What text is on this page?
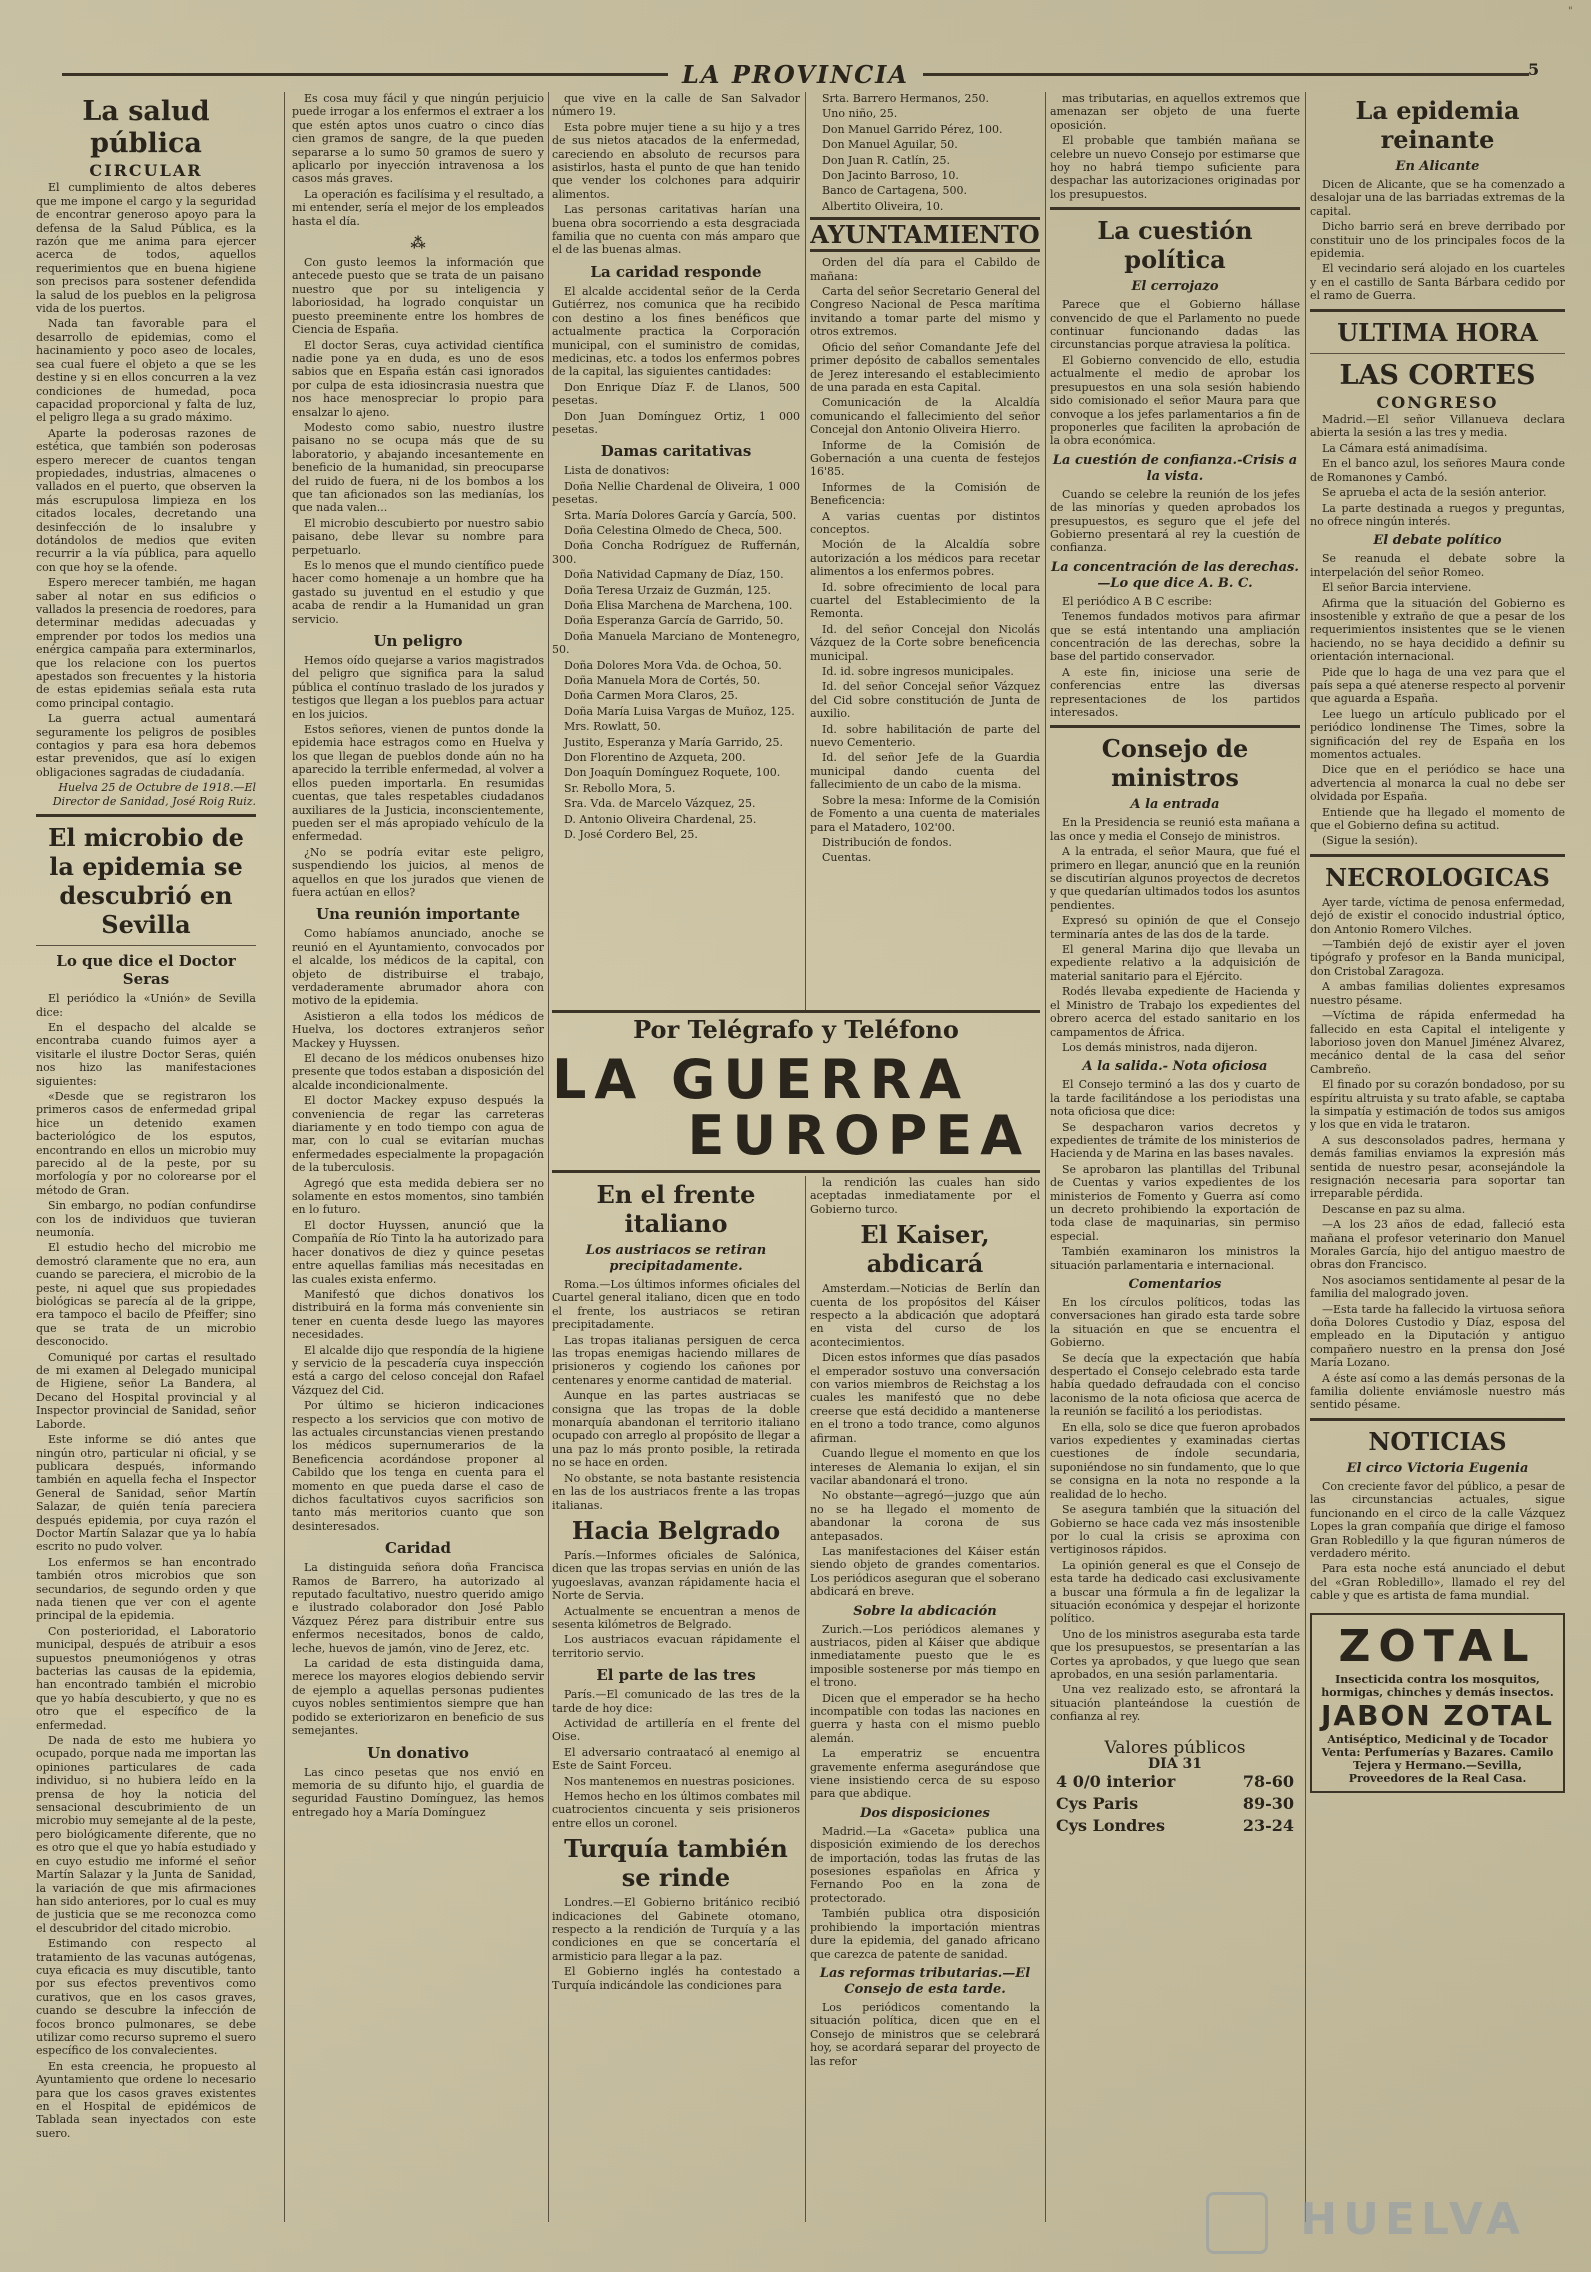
"
LA PROVINCIA	5
La salud pública
CIRCULAR

El cumplimiento de altos deberes que me impone el cargo y la seguridad de encontrar generoso apoyo para la defensa de la Salud Pública, es la razón que me anima para ejercer acerca de todos, aquellos requerimientos que en buena higiene son precisos para sostener defendida la salud de los pueblos en la peligrosa vida de los puertos.

Nada tan favorable para el desarrollo de epidemias, como el hacinamiento y poco aseo de locales, sea cual fuere el objeto a que se les destine y si en ellos concurren a la vez condiciones de humedad, poca capacidad proporcional y falta de luz, el peligro llega a su grado máximo.

Aparte la poderosas razones de estética, que también son poderosas espero merecer de cuantos tengan propiedades, industrias, almacenes o vallados en el puerto, que observen la más escrupulosa limpieza en los citados locales, decretando una desinfección de lo insalubre y dotándolos de medios que eviten recurrir a la vía pública, para aquello con que hoy se la ofende.

Espero merecer también, me hagan saber al notar en sus edificios o vallados la presencia de roedores, para determinar medidas adecuadas y emprender por todos los medios una enérgica campaña para exterminarlos, que los relacione con los puertos apestados son frecuentes y la historia de estas epidemias señala esta ruta como principal contagio.

La guerra actual aumentará seguramente los peligros de posibles contagios y para esa hora debemos estar prevenidos, que así lo exigen obligaciones sagradas de ciudadanía.

Huelva 25 de Octubre de 1918.—El Director de Sanidad, José Roig Ruiz.

El microbio de la epidemia se descubrió en Sevilla
Lo que dice el Doctor Seras

El periódico la «Unión» de Sevilla dice:

En el despacho del alcalde se encontraba cuando fuimos ayer a visitarle el ilustre Doctor Seras, quién nos hizo las manifestaciones siguientes:

«Desde que se registraron los primeros casos de enfermedad gripal hice un detenido examen bacteriológico de los esputos, encontrando en ellos un microbio muy parecido al de la peste, por su morfología y por no colorearse por el método de Gran.

Sin embargo, no podían confundirse con los de individuos que tuvieran neumonía.

El estudio hecho del microbio me demostró claramente que no era, aun cuando se pareciera, el microbio de la peste, ni aquel que sus propiedades biológicas se parecía al de la grippe, era tampoco el bacilo de Pfeiffer; sino que se trata de un microbio desconocido.

Comuniqué por cartas el resultado de mi examen al Delegado municipal de Higiene, señor La Bandera, al Decano del Hospital provincial y al Inspector provincial de Sanidad, señor Laborde.

Este informe se dió antes que ningún otro, particular ni oficial, y se publicara después, informando también en aquella fecha el Inspector General de Sanidad, señor Martín Salazar, de quién tenía pareciera después epidemia, por cuya razón el Doctor Martín Salazar que ya lo había escrito no pudo volver.

Los enfermos se han encontrado también otros microbios que son secundarios, de segundo orden y que nada tienen que ver con el agente principal de la epidemia.

Con posterioridad, el Laboratorio municipal, después de atribuir a esos supuestos pneumoniógenos y otras bacterias las causas de la epidemia, han encontrado también el microbio que yo había descubierto, y que no es otro que el específico de la enfermedad.

De nada de esto me hubiera yo ocupado, porque nada me importan las opiniones particulares de cada individuo, si no hubiera leído en la prensa de hoy la noticia del sensacional descubrimiento de un microbio muy semejante al de la peste, pero biológicamente diferente, que no es otro que el que yo había estudiado y en cuyo estudio me informé el señor Martín Salazar y la Junta de Sanidad, la variación de que mis afirmaciones han sido anteriores, por lo cual es muy de justicia que se me reconozca como el descubridor del citado microbio.

Estimando con respecto al tratamiento de las vacunas autógenas, cuya eficacia es muy discutible, tanto por sus efectos preventivos como curativos, que en los casos graves, cuando se descubre la infección de focos bronco pulmonares, se debe utilizar como recurso supremo el suero específico de los convalecientes.

En esta creencia, he propuesto al Ayuntamiento que ordene lo necesario para que los casos graves existentes en el Hospital de epidémicos de Tablada sean inyectados con este suero.

Es cosa muy fácil y que ningún perjuicio puede irrogar a los enfermos el extraer a los que estén aptos unos cuatro o cinco días cien gramos de sangre, de la que pueden separarse a lo sumo 50 gramos de suero y aplicarlo por inyección intravenosa a los casos más graves.

La operación es facilísima y el resultado, a mi entender, sería el mejor de los empleados hasta el día.

⁂

Con gusto leemos la información que antecede puesto que se trata de un paisano nuestro que por su inteligencia y laboriosidad, ha logrado conquistar un puesto preeminente entre los hombres de Ciencia de España.

El doctor Seras, cuya actividad científica nadie pone ya en duda, es uno de esos sabios que en España están casi ignorados por culpa de esta idiosincrasia nuestra que nos hace menospreciar lo propio para ensalzar lo ajeno.

Modesto como sabio, nuestro ilustre paisano no se ocupa más que de su laboratorio, y abajando incesantemente en beneficio de la humanidad, sin preocuparse del ruido de fuera, ni de los bombos a los que tan aficionados son las medianías, los que nada valen...

El microbio descubierto por nuestro sabio paisano, debe llevar su nombre para perpetuarlo.

Es lo menos que el mundo científico puede hacer como homenaje a un hombre que ha gastado su juventud en el estudio y que acaba de rendir a la Humanidad un gran servicio.

Un peligro

Hemos oído quejarse a varios magistrados del peligro que significa para la salud pública el contínuo traslado de los jurados y testigos que llegan a los pueblos para actuar en los juicios.

Estos señores, vienen de puntos donde la epidemia hace estragos como en Huelva y los que llegan de pueblos donde aún no ha aparecido la terrible enfermedad, al volver a ellos pueden importarla. En resumidas cuentas, que tales respetables ciudadanos auxiliares de la Justicia, inconscientemente, pueden ser el más apropiado vehículo de la enfermedad.

¿No se podría evitar este peligro, suspendiendo los juicios, al menos de aquellos en que los jurados que vienen de fuera actúan en ellos?

Una reunión importante

Como habíamos anunciado, anoche se reunió en el Ayuntamiento, convocados por el alcalde, los médicos de la capital, con objeto de distribuirse el trabajo, verdaderamente abrumador ahora con motivo de la epidemia.

Asistieron a ella todos los médicos de Huelva, los doctores extranjeros señor Mackey y Huyssen.

El decano de los médicos onubenses hizo presente que todos estaban a disposición del alcalde incondicionalmente.

El doctor Mackey expuso después la conveniencia de regar las carreteras diariamente y en todo tiempo con agua de mar, con lo cual se evitarían muchas enfermedades especialmente la propagación de la tuberculosis.

Agregó que esta medida debiera ser no solamente en estos momentos, sino también en lo futuro.

El doctor Huyssen, anunció que la Compañía de Río Tinto la ha autorizado para hacer donativos de diez y quince pesetas entre aquellas familias más necesitadas en las cuales exista enfermo.

Manifestó que dichos donativos los distribuirá en la forma más conveniente sin tener en cuenta desde luego las mayores necesidades.

El alcalde dijo que respondía de la higiene y servicio de la pescadería cuya inspección está a cargo del celoso concejal don Rafael Vázquez del Cid.

Por último se hicieron indicaciones respecto a los servicios que con motivo de las actuales circunstancias vienen prestando los médicos supernumerarios de la Beneficencia acordándose proponer al Cabildo que los tenga en cuenta para el momento en que pueda darse el caso de dichos facultativos cuyos sacrificios son tanto más meritorios cuanto que son desinteresados.

Caridad

La distinguida señora doña Francisca Ramos de Barrero, ha autorizado al reputado facultativo, nuestro querido amigo e ilustrado colaborador don José Pablo Vázquez Pérez para distribuir entre sus enfermos necesitados, bonos de caldo, leche, huevos de jamón, vino de Jerez, etc.

La caridad de esta distinguida dama, merece los mayores elogios debiendo servir de ejemplo a aquellas personas pudientes cuyos nobles sentimientos siempre que han podido se exteriorizaron en beneficio de sus semejantes.

Un donativo

Las cinco pesetas que nos envió en memoria de su difunto hijo, el guardia de seguridad Faustino Domínguez, las hemos entregado hoy a María Domínguez

que vive en la calle de San Salvador número 19.

Esta pobre mujer tiene a su hijo y a tres de sus nietos atacados de la enfermedad, careciendo en absoluto de recursos para asistirlos, hasta el punto de que han tenido que vender los colchones para adquirir alimentos.

Las personas caritativas harían una buena obra socorriendo a esta desgraciada familia que no cuenta con más amparo que el de las buenas almas.

La caridad responde

El alcalde accidental señor de la Cerda Gutiérrez, nos comunica que ha recibido con destino a los fines benéficos que actualmente practica la Corporación municipal, con el suministro de comidas, medicinas, etc. a todos los enfermos pobres de la capital, las siguientes cantidades:

Don Enrique Díaz F. de Llanos, 500 pesetas.

Don Juan Domínguez Ortiz, 1 000 pesetas.

Damas caritativas

Lista de donativos:

Doña Nellie Chardenal de Oliveira, 1 000 pesetas.

Srta. María Dolores García y García, 500.

Doña Celestina Olmedo de Checa, 500.

Doña Concha Rodríguez de Ruffernán, 300.

Doña Natividad Capmany de Díaz, 150.

Doña Teresa Urzaiz de Guzmán, 125.

Doña Elisa Marchena de Marchena, 100.

Doña Esperanza García de Garrido, 50.

Doña Manuela Marciano de Montenegro, 50.

Doña Dolores Mora Vda. de Ochoa, 50.

Doña Manuela Mora de Cortés, 50.

Doña Carmen Mora Claros, 25.

Doña María Luisa Vargas de Muñoz, 125.

Mrs. Rowlatt, 50.

Justito, Esperanza y María Garrido, 25.

Don Florentino de Azqueta, 200.

Don Joaquín Domínguez Roquete, 100.

Sr. Rebollo Mora, 5.

Sra. Vda. de Marcelo Vázquez, 25.

D. Antonio Oliveira Chardenal, 25.

D. José Cordero Bel, 25.

Srta. Barrero Hermanos, 250.

Uno niño, 25.

Don Manuel Garrido Pérez, 100.

Don Manuel Aguilar, 50.

Don Juan R. Catlín, 25.

Don Jacinto Barroso, 10.

Banco de Cartagena, 500.

Albertito Oliveira, 10.

AYUNTAMIENTO

Orden del día para el Cabildo de mañana:

Carta del señor Secretario General del Congreso Nacional de Pesca marítima invitando a tomar parte del mismo y otros extremos.

Oficio del señor Comandante Jefe del primer depósito de caballos sementales de Jerez interesando el establecimiento de una parada en esta Capital.

Comunicación de la Alcaldía comunicando el fallecimiento del señor Concejal don Antonio Oliveira Hierro.

Informe de la Comisión de Gobernación a una cuenta de festejos 16'85.

Informes de la Comisión de Beneficencia:

A varias cuentas por distintos conceptos.

Moción de la Alcaldía sobre autorización a los médicos para recetar alimentos a los enfermos pobres.

Id. sobre ofrecimiento de local para cuartel del Establecimiento de la Remonta.

Id. del señor Concejal don Nicolás Vázquez de la Corte sobre beneficencia municipal.

Id. id. sobre ingresos municipales.

Id. del señor Concejal señor Vázquez del Cid sobre constitución de Junta de auxilio.

Id. sobre habilitación de parte del nuevo Cementerio.

Id. del señor Jefe de la Guardia municipal dando cuenta del fallecimiento de un cabo de la misma.

Sobre la mesa: Informe de la Comisión de Fomento a una cuenta de materiales para el Matadero, 102'00.

Distribución de fondos.

Cuentas.

Por Telégrafo y Teléfono
LA GUERRA
EUROPEA
En el frente italiano
Los austriacos se retiran precipitadamente.

Roma.—Los últimos informes oficiales del Cuartel general italiano, dicen que en todo el frente, los austriacos se retiran precipitadamente.

Las tropas italianas persiguen de cerca las tropas enemigas haciendo millares de prisioneros y cogiendo los cañones por centenares y enorme cantidad de material.

Aunque en las partes austriacas se consigna que las tropas de la doble monarquía abandonan el territorio italiano ocupado con arreglo al propósito de llegar a una paz lo más pronto posible, la retirada no se hace en orden.

No obstante, se nota bastante resistencia en las de los austriacos frente a las tropas italianas.

Hacia Belgrado

París.—Informes oficiales de Salónica, dicen que las tropas servias en unión de las yugoeslavas, avanzan rápidamente hacia el Norte de Servia.

Actualmente se encuentran a menos de sesenta kilómetros de Belgrado.

Los austriacos evacuan rápidamente el territorio servio.

El parte de las tres

París.—El comunicado de las tres de la tarde de hoy dice:

Actividad de artillería en el frente del Oise.

El adversario contraatacó al enemigo al Este de Saint Forceu.

Nos mantenemos en nuestras posiciones.

Hemos hecho en los últimos combates mil cuatrocientos cincuenta y seis prisioneros entre ellos un coronel.

Turquía también se rinde

Londres.—El Gobierno británico recibió indicaciones del Gabinete otomano, respecto a la rendición de Turquía y a las condiciones en que se concertaría el armisticio para llegar a la paz.

El Gobierno inglés ha contestado a Turquía indicándole las condiciones para

la rendición las cuales han sido aceptadas inmediatamente por el Gobierno turco.

El Kaiser, abdicará

Amsterdam.—Noticias de Berlín dan cuenta de los propósitos del Káiser respecto a la abdicación que adoptará en vista del curso de los acontecimientos.

Dicen estos informes que días pasados el emperador sostuvo una conversación con varios miembros de Reichstag a los cuales les manifestó que no debe creerse que está decidido a mantenerse en el trono a todo trance, como algunos afirman.

Cuando llegue el momento en que los intereses de Alemania lo exijan, el sin vacilar abandonará el trono.

No obstante—agregó—juzgo que aún no se ha llegado el momento de abandonar la corona de sus antepasados.

Las manifestaciones del Káiser están siendo objeto de grandes comentarios. Los periódicos aseguran que el soberano abdicará en breve.

Sobre la abdicación

Zurich.—Los periódicos alemanes y austriacos, piden al Káiser que abdique inmediatamente puesto que le es imposible sostenerse por más tiempo en el trono.

Dicen que el emperador se ha hecho incompatible con todas las naciones en guerra y hasta con el mismo pueblo alemán.

La emperatriz se encuentra gravemente enferma asegurándose que viene insistiendo cerca de su esposo para que abdique.

Dos disposiciones

Madrid.—La «Gaceta» publica una disposición eximiendo de los derechos de importación, todas las frutas de las posesiones españolas en África y Fernando Poo en la zona de protectorado.

También publica otra disposición prohibiendo la importación mientras dure la epidemia, del ganado africano que carezca de patente de sanidad.

Las reformas tributarias.—El Consejo de esta tarde.

Los periódicos comentando la situación política, dicen que en el Consejo de ministros que se celebrará hoy, se acordará separar del proyecto de las refor

mas tributarias, en aquellos extremos que amenazan ser objeto de una fuerte oposición.

El probable que también mañana se celebre un nuevo Consejo por estimarse que hoy no habrá tiempo suficiente para despachar las autorizaciones originadas por los presupuestos.

La cuestión política
El cerrojazo

Parece que el Gobierno hállase convencido de que el Parlamento no puede continuar funcionando dadas las circunstancias porque atraviesa la política.

El Gobierno convencido de ello, estudia actualmente el medio de aprobar los presupuestos en una sola sesión habiendo sido comisionado el señor Maura para que convoque a los jefes parlamentarios a fin de proponerles que faciliten la aprobación de la obra económica.

La cuestión de confianza.-Crisis a la vista.

Cuando se celebre la reunión de los jefes de las minorías y queden aprobados los presupuestos, es seguro que el jefe del Gobierno presentará al rey la cuestión de confianza.

La concentración de las derechas.—Lo que dice A. B. C.

El periódico A B C escribe:

Tenemos fundados motivos para afirmar que se está intentando una ampliación concentración de las derechas, sobre la base del partido conservador.

A este fin, iniciose una serie de conferencias entre las diversas representaciones de los partidos interesados.

Consejo de ministros
A la entrada

En la Presidencia se reunió esta mañana a las once y media el Consejo de ministros.

A la entrada, el señor Maura, que fué el primero en llegar, anunció que en la reunión se discutirían algunos proyectos de decretos y que quedarían ultimados todos los asuntos pendientes.

Expresó su opinión de que el Consejo terminaría antes de las dos de la tarde.

El general Marina dijo que llevaba un expediente relativo a la adquisición de material sanitario para el Ejército.

Rodés llevaba expediente de Hacienda y el Ministro de Trabajo los expedientes del obrero acerca del estado sanitario en los campamentos de África.

Los demás ministros, nada dijeron.

A la salida.- Nota oficiosa

El Consejo terminó a las dos y cuarto de la tarde facilitándose a los periodistas una nota oficiosa que dice:

Se despacharon varios decretos y expedientes de trámite de los ministerios de Hacienda y de Marina en las bases navales.

Se aprobaron las plantillas del Tribunal de Cuentas y varios expedientes de los ministerios de Fomento y Guerra así como un decreto prohibiendo la exportación de toda clase de maquinarias, sin permiso especial.

También examinaron los ministros la situación parlamentaria e internacional.

Comentarios

En los círculos políticos, todas las conversaciones han girado esta tarde sobre la situación en que se encuentra el Gobierno.

Se decía que la expectación que había despertado el Consejo celebrado esta tarde había quedado defraudada con el conciso laconismo de la nota oficiosa que acerca de la reunión se facilitó a los periodistas.

En ella, solo se dice que fueron aprobados varios expedientes y examinadas ciertas cuestiones de índole secundaria, suponiéndose no sin fundamento, que lo que se consigna en la nota no responde a la realidad de lo hecho.

Se asegura también que la situación del Gobierno se hace cada vez más insostenible por lo cual la crisis se aproxima con vertiginosos rápidos.

La opinión general es que el Consejo de esta tarde ha dedicado casi exclusivamente a buscar una fórmula a fin de legalizar la situación económica y despejar el horizonte político.

Uno de los ministros aseguraba esta tarde que los presupuestos, se presentarían a las Cortes ya aprobados, y que luego que sean aprobados, en una sesión parlamentaria.

Una vez realizado esto, se afrontará la situación planteándose la cuestión de confianza al rey.

Valores públicos
DIA 31
4 0/0 interior	78-60
Cys Paris	89-30
Cys Londres	23-24
La epidemia reinante
En Alicante

Dicen de Alicante, que se ha comenzado a desalojar una de las barriadas extremas de la capital.

Dicho barrio será en breve derribado por constituir uno de los principales focos de la epidemia.

El vecindario será alojado en los cuarteles y en el castillo de Santa Bárbara cedido por el ramo de Guerra.

ULTIMA HORA
LAS CORTES
CONGRESO

Madrid.—El señor Villanueva declara abierta la sesión a las tres y media.

La Cámara está animadísima.

En el banco azul, los señores Maura conde de Romanones y Cambó.

Se aprueba el acta de la sesión anterior.

La parte destinada a ruegos y preguntas, no ofrece ningún interés.

El debate político

Se reanuda el debate sobre la interpelación del señor Romeo.

El señor Barcia interviene.

Afirma que la situación del Gobierno es insostenible y extraño de que a pesar de los requerimientos insistentes que se le vienen haciendo, no se haya decidido a definir su orientación internacional.

Pide que lo haga de una vez para que el país sepa a qué atenerse respecto al porvenir que aguarda a España.

Lee luego un artículo publicado por el periódico londinense The Times, sobre la significación del rey de España en los momentos actuales.

Dice que en el periódico se hace una advertencia al monarca la cual no debe ser olvidada por España.

Entiende que ha llegado el momento de que el Gobierno defina su actitud.

(Sigue la sesión).

NECROLOGICAS

Ayer tarde, víctima de penosa enfermedad, dejó de existir el conocido industrial óptico, don Antonio Romero Vilches.

—También dejó de existir ayer el joven tipógrafo y profesor en la Banda municipal, don Cristobal Zaragoza.

A ambas familias dolientes expresamos nuestro pésame.

—Víctima de rápida enfermedad ha fallecido en esta Capital el inteligente y laborioso joven don Manuel Jiménez Alvarez, mecánico dental de la casa del señor Cambreño.

El finado por su corazón bondadoso, por su espíritu altruista y su trato afable, se captaba la simpatía y estimación de todos sus amigos y los que en vida le trataron.

A sus desconsolados padres, hermana y demás familias enviamos la expresión más sentida de nuestro pesar, aconsejándole la resignación necesaria para soportar tan irreparable pérdida.

Descanse en paz su alma.

—A los 23 años de edad, falleció esta mañana el profesor veterinario don Manuel Morales García, hijo del antiguo maestro de obras don Francisco.

Nos asociamos sentidamente al pesar de la familia del malogrado joven.

—Esta tarde ha fallecido la virtuosa señora doña Dolores Custodio y Díaz, esposa del empleado en la Diputación y antiguo compañero nuestro en la prensa don José María Lozano.

A éste así como a las demás personas de la familia doliente enviámosle nuestro más sentido pésame.

NOTICIAS
El circo Victoria Eugenia

Con creciente favor del público, a pesar de las circunstancias actuales, sigue funcionando en el circo de la calle Vázquez Lopes la gran compañía que dirige el famoso Gran Robledillo y la que figuran números de verdadero mérito.

Para esta noche está anunciado el debut del «Gran Robledillo», llamado el rey del cable y que es artista de fama mundial.

ZOTAL
Insecticida contra los mosquitos, hormigas, chinches y demás insectos.
JABON ZOTAL
Antiséptico, Medicinal y de Tocador Venta: Perfumerías y Bazares. Camilo Tejera y Hermano.—Sevilla, Proveedores de la Real Casa.
HUELVA
